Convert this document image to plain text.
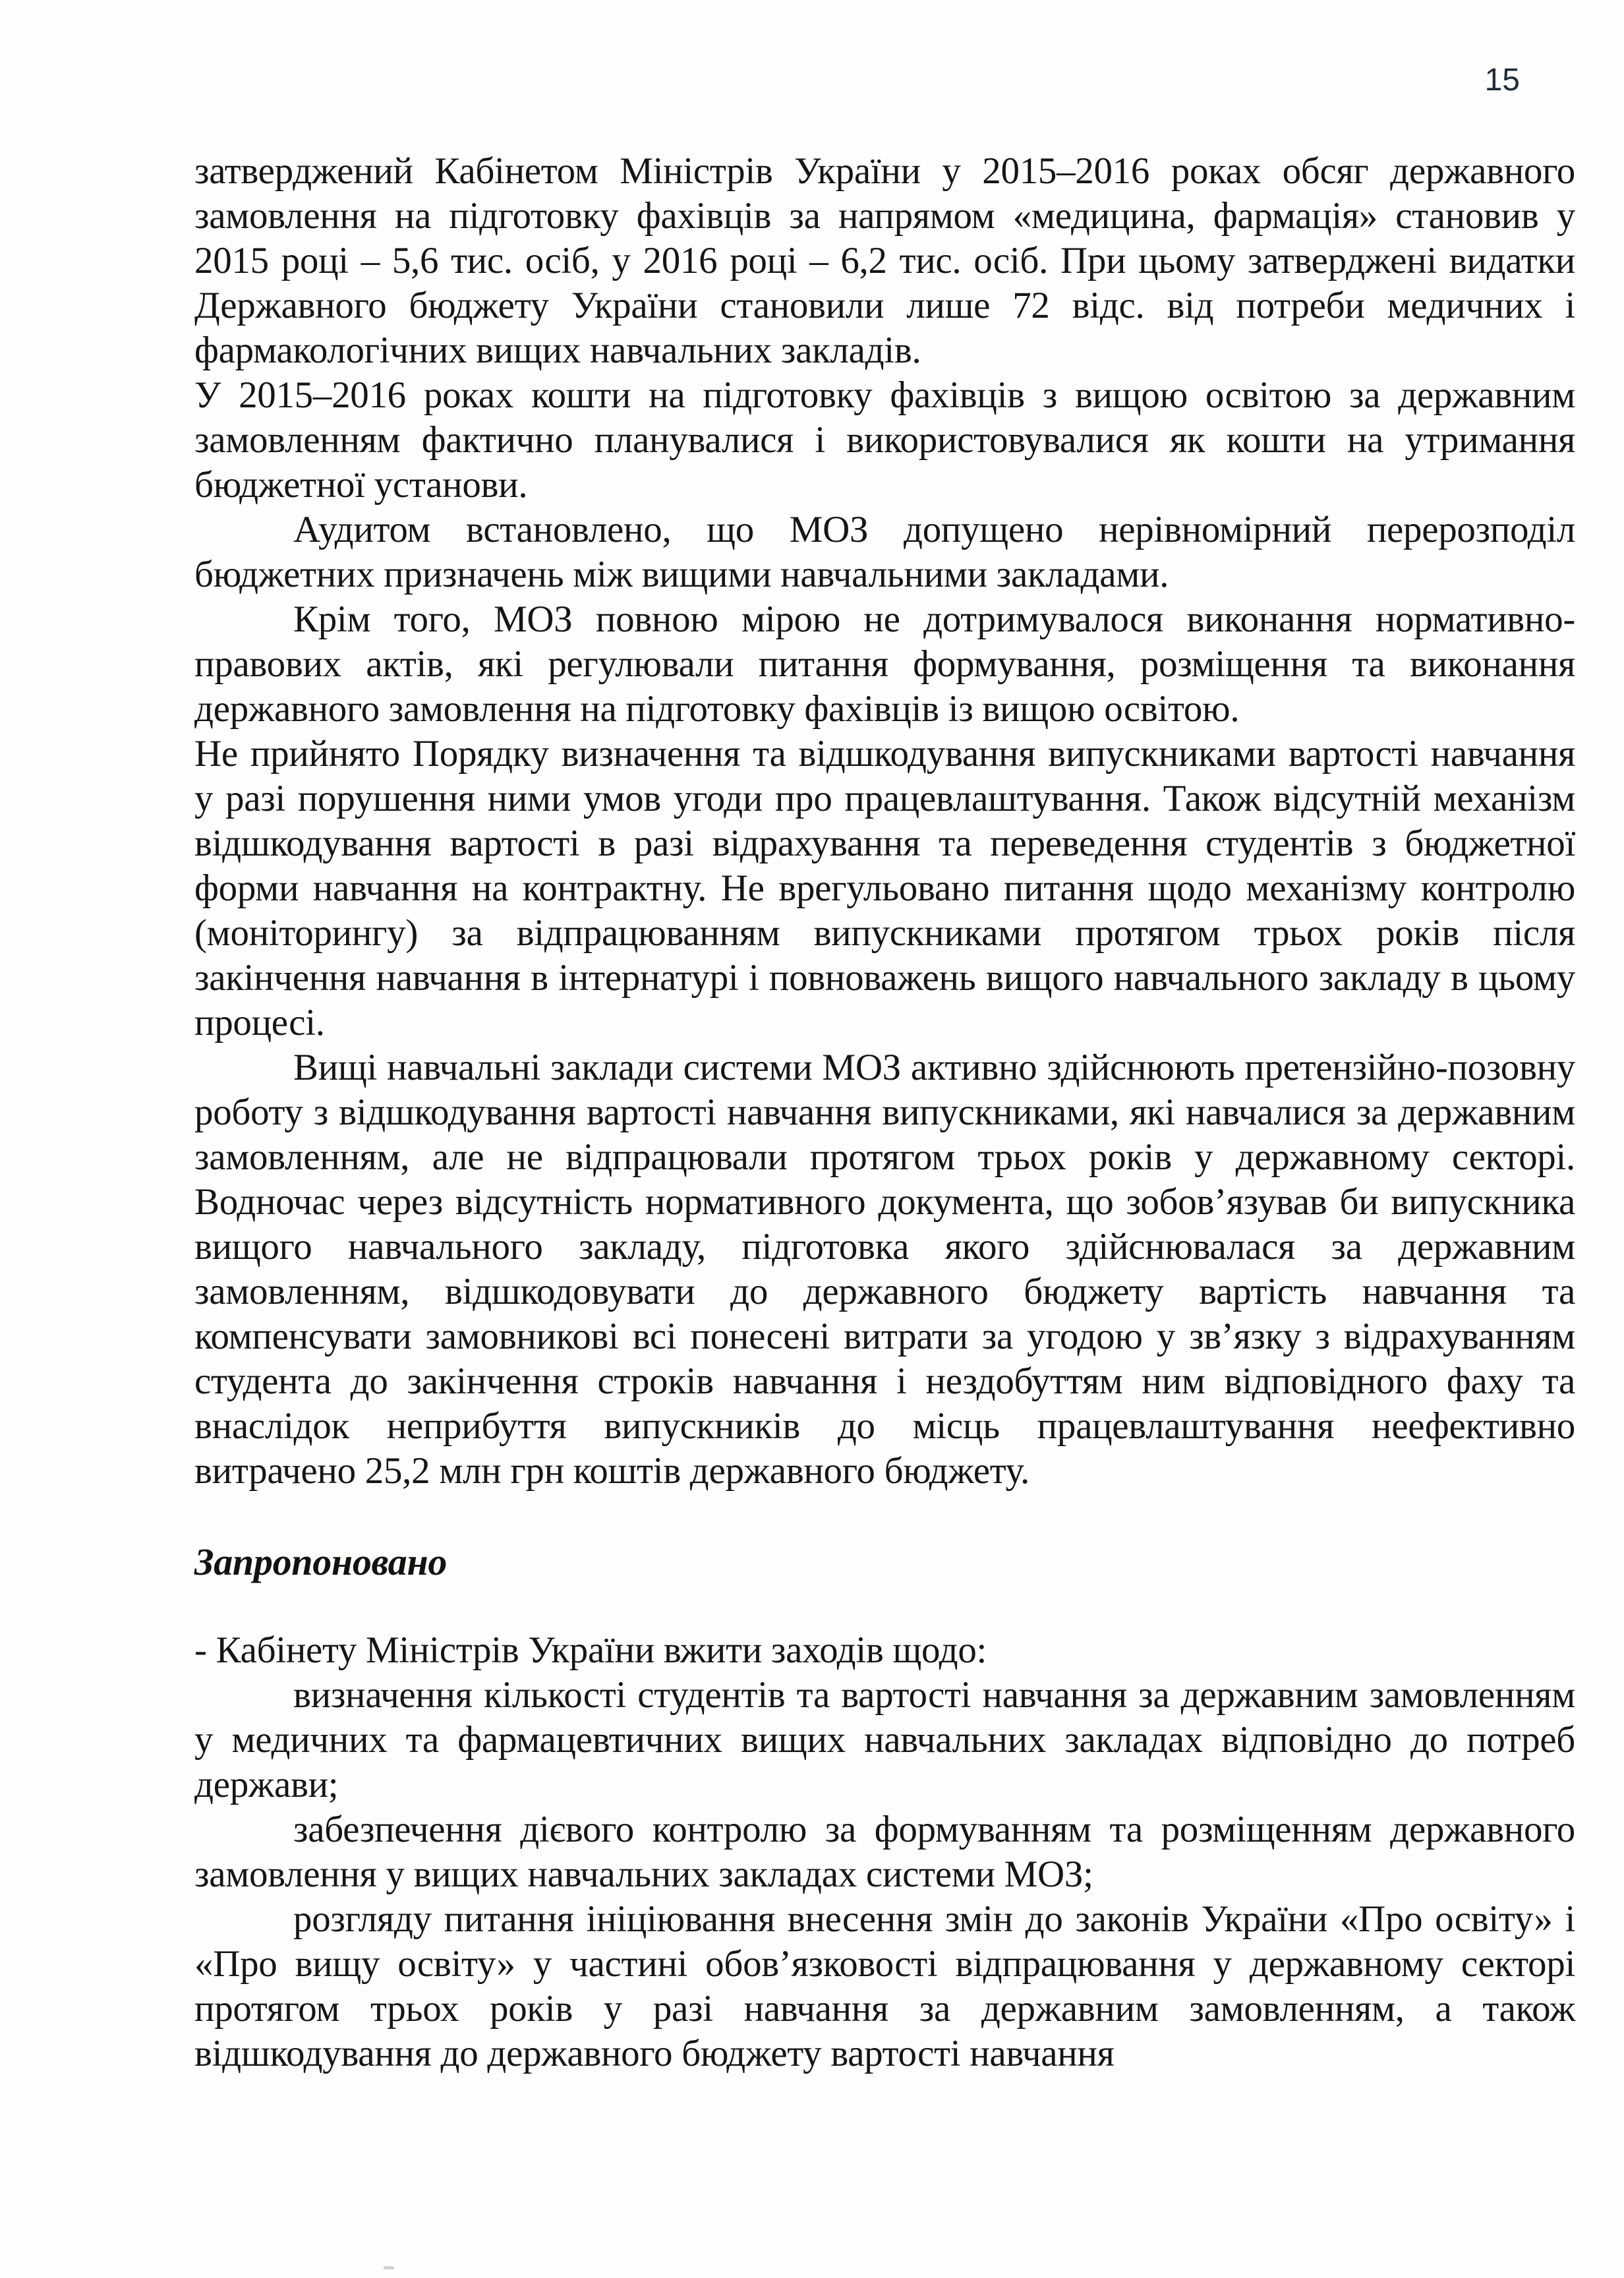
15

затверджений Кабінетом Міністрів України у 2015–2016 роках обсяг державного замовлення на підготовку фахівців за напрямом «медицина, фармація» становив у 2015 році – 5,6 тис. осіб, у 2016 році – 6,2 тис. осіб. При цьому затверджені видатки Державного бюджету України становили лише 72 відс. від потреби медичних і фармакологічних вищих навчальних закладів.

У 2015–2016 роках кошти на підготовку фахівців з вищою освітою за державним замовленням фактично планувалися і використовувалися як кошти на утримання бюджетної установи.

Аудитом встановлено, що МОЗ допущено нерівномірний перерозподіл бюджетних призначень між вищими навчальними закладами.

Крім того, МОЗ повною мірою не дотримувалося виконання нормативно-правових актів, які регулювали питання формування, розміщення та виконання державного замовлення на підготовку фахівців із вищою освітою.

Не прийнято Порядку визначення та відшкодування випускниками вартості навчання у разі порушення ними умов угоди про працевлаштування. Також відсутній механізм відшкодування вартості в разі відрахування та переведення студентів з бюджетної форми навчання на контрактну. Не врегульовано питання щодо механізму контролю (моніторингу) за відпрацюванням випускниками протягом трьох років після закінчення навчання в інтернатурі і повноважень вищого навчального закладу в цьому процесі.

Вищі навчальні заклади системи МОЗ активно здійснюють претензійно-позовну роботу з відшкодування вартості навчання випускниками, які навчалися за державним замовленням, але не відпрацювали протягом трьох років у державному секторі. Водночас через відсутність нормативного документа, що зобов’язував би випускника вищого навчального закладу, підготовка якого здійснювалася за державним замовленням, відшкодовувати до державного бюджету вартість навчання та компенсувати замовникові всі понесені витрати за угодою у зв’язку з відрахуванням студента до закінчення строків навчання і нездобуттям ним відповідного фаху та внаслідок неприбуття випускників до місць працевлаштування неефективно витрачено 25,2 млн грн коштів державного бюджету.

Запропоновано

- Кабінету Міністрів України вжити заходів щодо:

визначення кількості студентів та вартості навчання за державним замовленням у медичних та фармацевтичних вищих навчальних закладах відповідно до потреб держави;

забезпечення дієвого контролю за формуванням та розміщенням державного замовлення у вищих навчальних закладах системи МОЗ;

розгляду питання ініціювання внесення змін до законів України «Про освіту» і «Про вищу освіту» у частині обов’язковості відпрацювання у державному секторі протягом трьох років у разі навчання за державним замовленням, а також відшкодування до державного бюджету вартості навчання
